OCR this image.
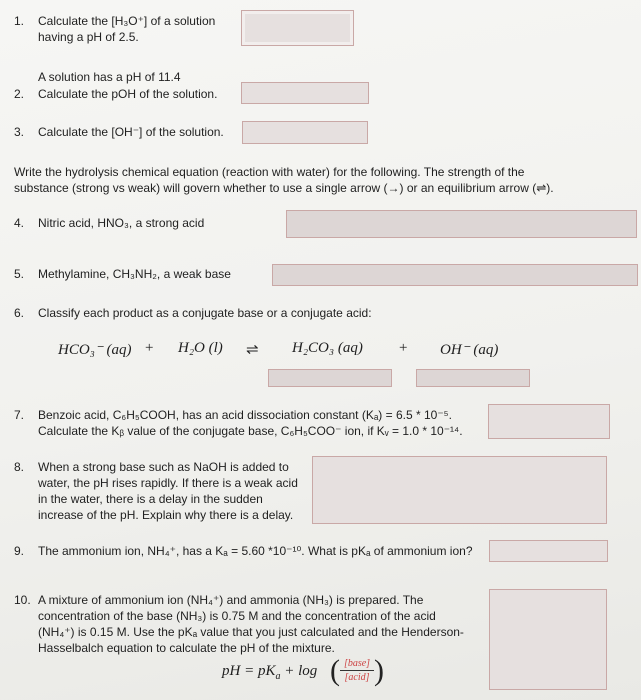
1. Calculate the [H₃O⁺] of a solution
having a pH of 2.5.
A solution has a pH of 11.4
2. Calculate the pOH of the solution.
3. Calculate the [OH⁻] of the solution.
Write the hydrolysis chemical equation (reaction with water) for the following. The strength of the
substance (strong vs weak) will govern whether to use a single arrow (→) or an equilibrium arrow (⇌).
4. Nitric acid, HNO₃, a strong acid
5. Methylamine, CH₃NH₂, a weak base
6. Classify each product as a conjugate base or a conjugate acid:
HCO₃⁻ (aq) + H₂O (l) ⇌ H₂CO₃ (aq) + OH⁻ (aq)
7. Benzoic acid, C₆H₅COOH, has an acid dissociation constant (Kₐ) = 6.5 * 10⁻⁵.
Calculate the Kᵦ value of the conjugate base, C₆H₅COO⁻ ion, if Kᵥ = 1.0 * 10⁻¹⁴.
8. When a strong base such as NaOH is added to
water, the pH rises rapidly. If there is a weak acid
in the water, there is a delay in the sudden
increase of the pH. Explain why there is a delay.
9. The ammonium ion, NH₄⁺, has a Kₐ = 5.60 *10⁻¹⁰. What is pKₐ of ammonium ion?
10. A mixture of ammonium ion (NH₄⁺) and ammonia (NH₃) is prepared. The
concentration of the base (NH₃) is 0.75 M and the concentration of the acid
(NH₄⁺) is 0.15 M. Use the pKₐ value that you just calculated and the Henderson-
Hasselbalch equation to calculate the pH of the mixture.
pH = $pK_a + \log$ ( [base]
[acid] )
